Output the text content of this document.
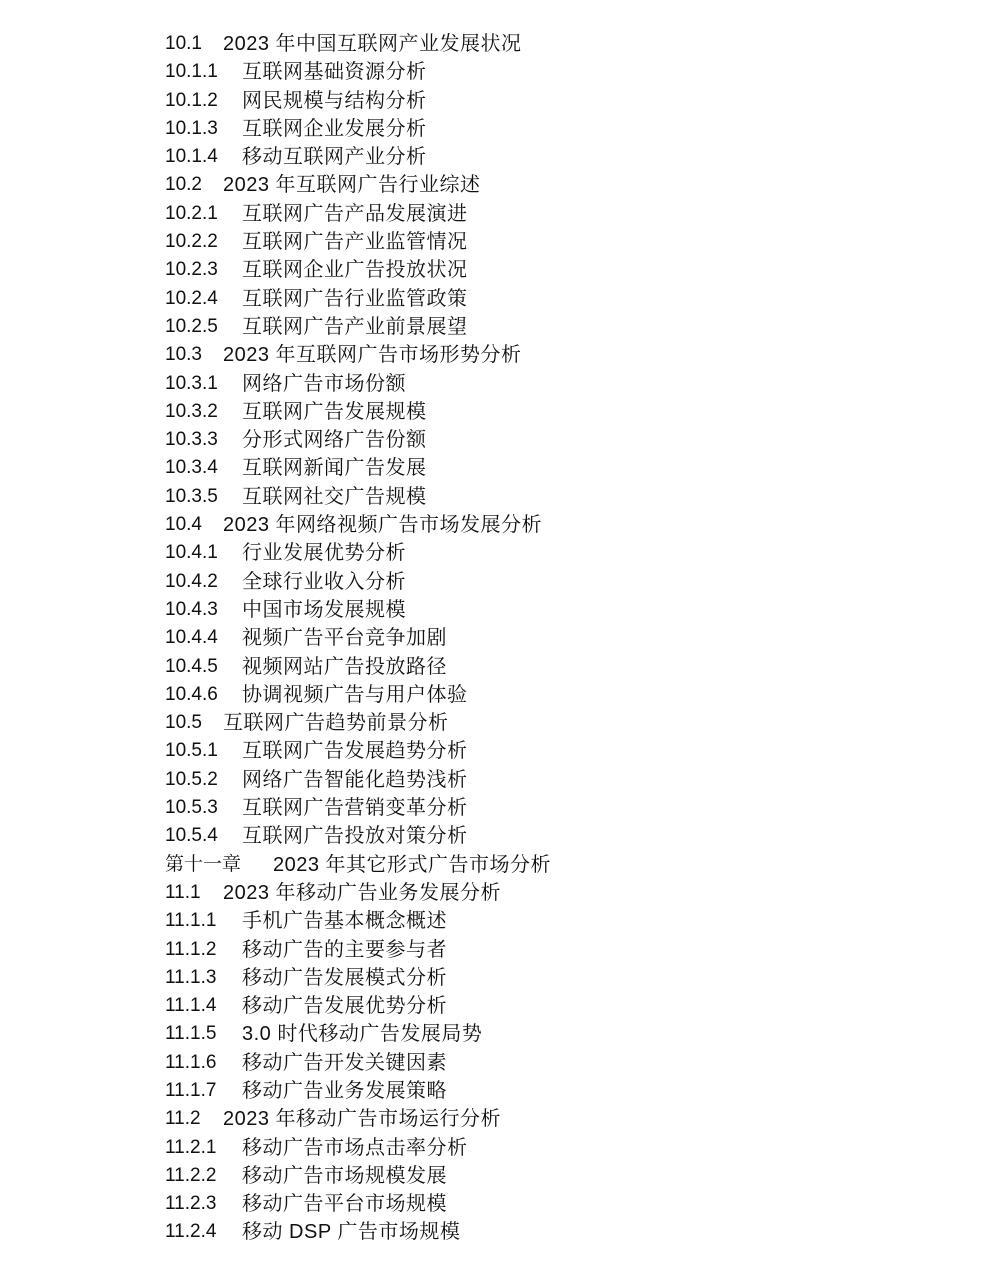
10.1	2023 年中国互联网产业发展状况
10.1.1	互联网基础资源分析
10.1.2	网民规模与结构分析
10.1.3	互联网企业发展分析
10.1.4	移动互联网产业分析
10.2	2023 年互联网广告行业综述
10.2.1	互联网广告产品发展演进
10.2.2	互联网广告产业监管情况
10.2.3	互联网企业广告投放状况
10.2.4	互联网广告行业监管政策
10.2.5	互联网广告产业前景展望
10.3	2023 年互联网广告市场形势分析
10.3.1	网络广告市场份额
10.3.2	互联网广告发展规模
10.3.3	分形式网络广告份额
10.3.4	互联网新闻广告发展
10.3.5	互联网社交广告规模
10.4	2023 年网络视频广告市场发展分析
10.4.1	行业发展优势分析
10.4.2	全球行业收入分析
10.4.3	中国市场发展规模
10.4.4	视频广告平台竞争加剧
10.4.5	视频网站广告投放路径
10.4.6	协调视频广告与用户体验
10.5	互联网广告趋势前景分析
10.5.1	互联网广告发展趋势分析
10.5.2	网络广告智能化趋势浅析
10.5.3	互联网广告营销变革分析
10.5.4	互联网广告投放对策分析
第十一章	2023 年其它形式广告市场分析
11.1	2023 年移动广告业务发展分析
11.1.1	手机广告基本概念概述
11.1.2	移动广告的主要参与者
11.1.3	移动广告发展模式分析
11.1.4	移动广告发展优势分析
11.1.5	3.0 时代移动广告发展局势
11.1.6	移动广告开发关键因素
11.1.7	移动广告业务发展策略
11.2	2023 年移动广告市场运行分析
11.2.1	移动广告市场点击率分析
11.2.2	移动广告市场规模发展
11.2.3	移动广告平台市场规模
11.2.4	移动 DSP 广告市场规模
